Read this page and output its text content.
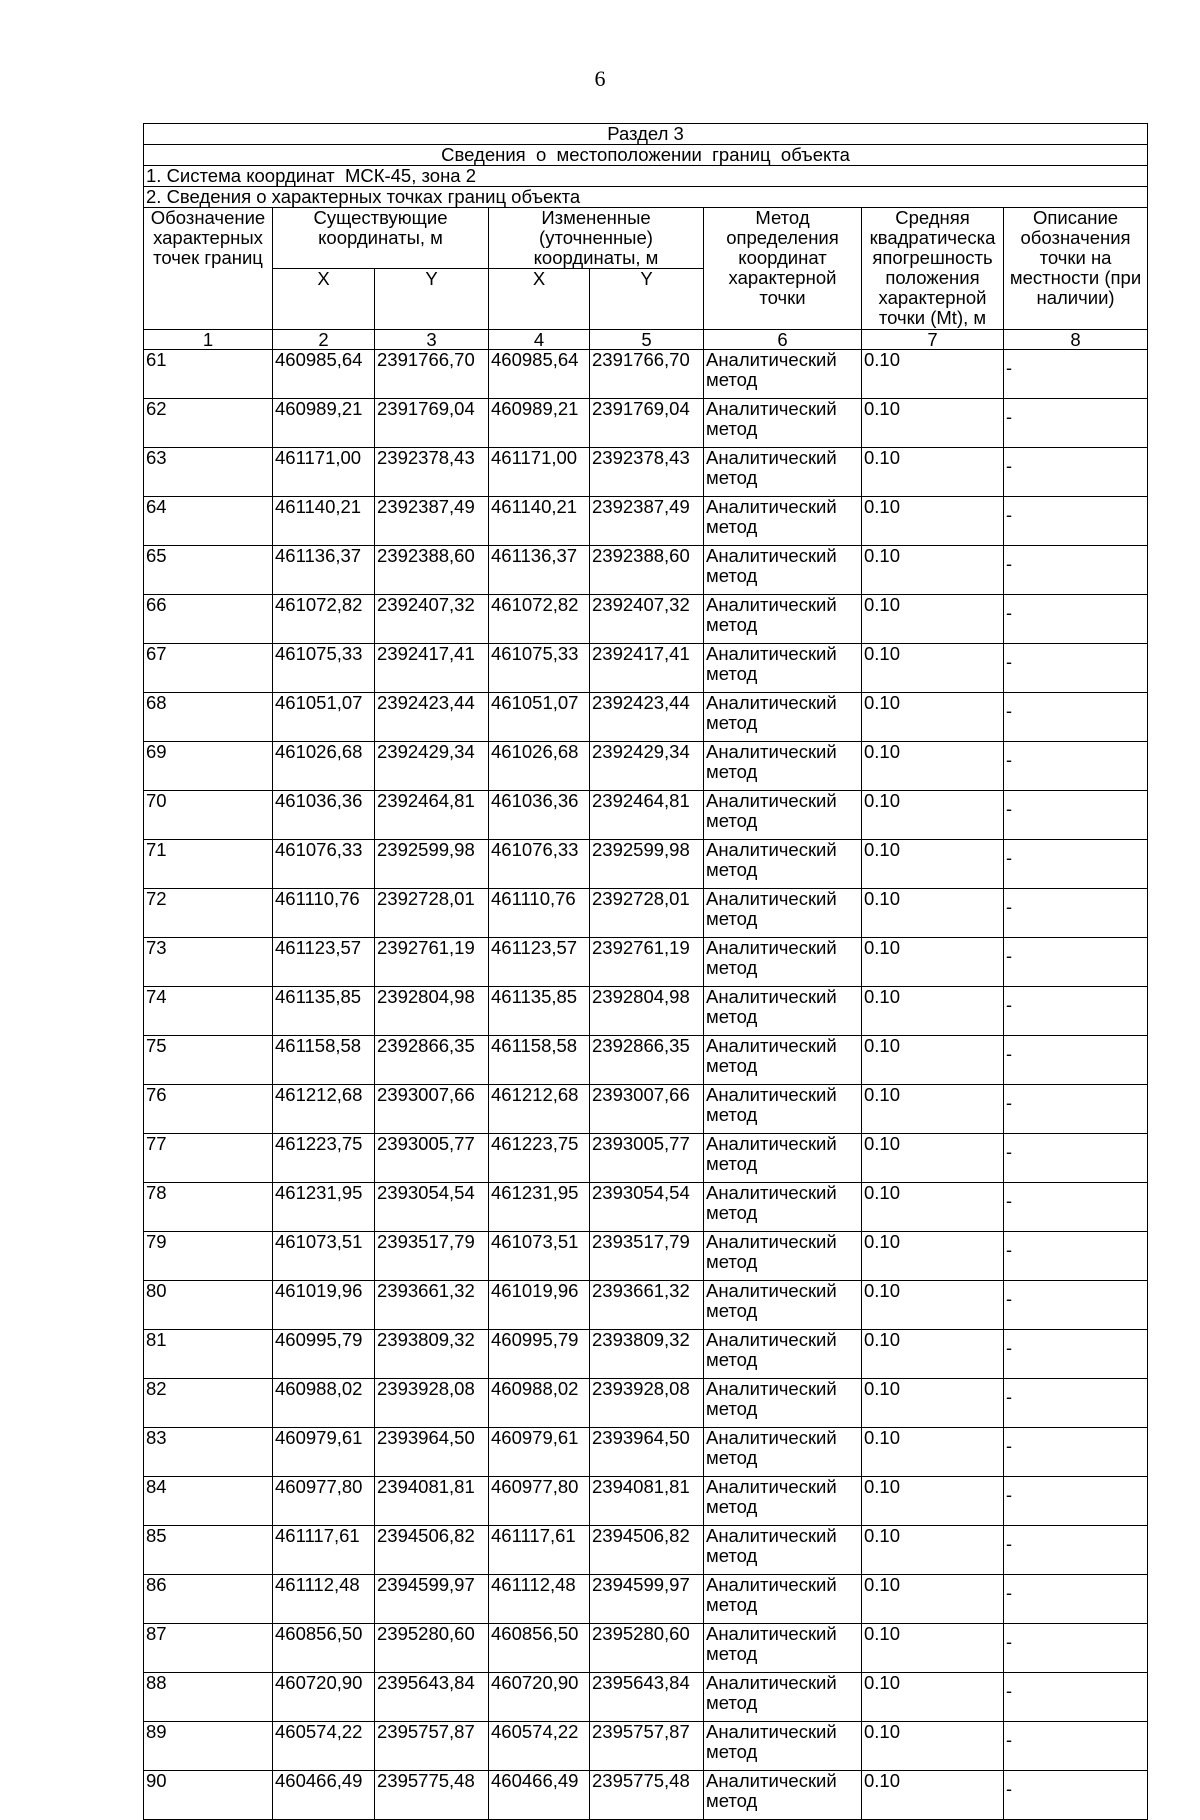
6
Раздел 3							
Сведения  о  местоположении  границ  объекта							
1. Система координат  МСК-45, зона 2							
2. Сведения о характерных точках границ объекта							
Обозначение характерных точек границ	Существующие координаты, м		Измененные (уточненные) координаты, м		Метод определения координат характерной точки	Средняя квадратическа япогрешность положения характерной точки (Mt), м	Описание обозначения точки на местности (при наличии)
	X	Y	X	Y			
1	2	3	4	5	6	7	8
61	460985,64	2391766,70	460985,64	2391766,70	Аналитический метод	0.10	-
62	460989,21	2391769,04	460989,21	2391769,04	Аналитический метод	0.10	-
63	461171,00	2392378,43	461171,00	2392378,43	Аналитический метод	0.10	-
64	461140,21	2392387,49	461140,21	2392387,49	Аналитический метод	0.10	-
65	461136,37	2392388,60	461136,37	2392388,60	Аналитический метод	0.10	-
66	461072,82	2392407,32	461072,82	2392407,32	Аналитический метод	0.10	-
67	461075,33	2392417,41	461075,33	2392417,41	Аналитический метод	0.10	-
68	461051,07	2392423,44	461051,07	2392423,44	Аналитический метод	0.10	-
69	461026,68	2392429,34	461026,68	2392429,34	Аналитический метод	0.10	-
70	461036,36	2392464,81	461036,36	2392464,81	Аналитический метод	0.10	-
71	461076,33	2392599,98	461076,33	2392599,98	Аналитический метод	0.10	-
72	461110,76	2392728,01	461110,76	2392728,01	Аналитический метод	0.10	-
73	461123,57	2392761,19	461123,57	2392761,19	Аналитический метод	0.10	-
74	461135,85	2392804,98	461135,85	2392804,98	Аналитический метод	0.10	-
75	461158,58	2392866,35	461158,58	2392866,35	Аналитический метод	0.10	-
76	461212,68	2393007,66	461212,68	2393007,66	Аналитический метод	0.10	-
77	461223,75	2393005,77	461223,75	2393005,77	Аналитический метод	0.10	-
78	461231,95	2393054,54	461231,95	2393054,54	Аналитический метод	0.10	-
79	461073,51	2393517,79	461073,51	2393517,79	Аналитический метод	0.10	-
80	461019,96	2393661,32	461019,96	2393661,32	Аналитический метод	0.10	-
81	460995,79	2393809,32	460995,79	2393809,32	Аналитический метод	0.10	-
82	460988,02	2393928,08	460988,02	2393928,08	Аналитический метод	0.10	-
83	460979,61	2393964,50	460979,61	2393964,50	Аналитический метод	0.10	-
84	460977,80	2394081,81	460977,80	2394081,81	Аналитический метод	0.10	-
85	461117,61	2394506,82	461117,61	2394506,82	Аналитический метод	0.10	-
86	461112,48	2394599,97	461112,48	2394599,97	Аналитический метод	0.10	-
87	460856,50	2395280,60	460856,50	2395280,60	Аналитический метод	0.10	-
88	460720,90	2395643,84	460720,90	2395643,84	Аналитический метод	0.10	-
89	460574,22	2395757,87	460574,22	2395757,87	Аналитический метод	0.10	-
90	460466,49	2395775,48	460466,49	2395775,48	Аналитический метод	0.10	-
